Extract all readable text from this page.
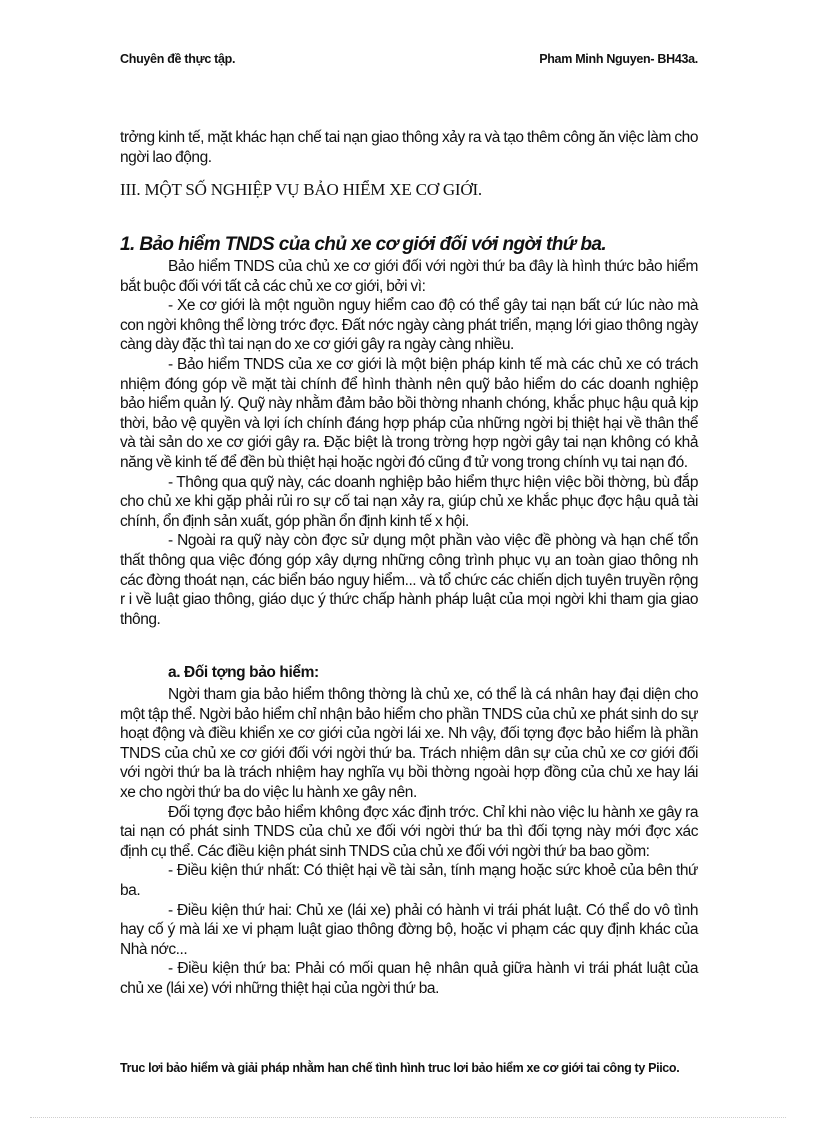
Chuyên đề thực tập.	Pham Minh Nguyen- BH43a.

trởng kinh tế, mặt khác hạn chế tai nạn giao thông xảy ra và tạo thêm công ăn việc làm cho ngời lao động.

III. MỘT SỐ NGHIỆP VỤ BẢO HIỂM XE CƠ GIỚI.
1. Bảo hiểm TNDS của chủ xe cơ giới đối với ngời thứ ba.

Bảo hiểm TNDS của chủ xe cơ giới đối với ngời thứ ba đây là hình thức bảo hiểm bắt buộc đối với tất cả các chủ xe cơ giới, bởi vì:

- Xe cơ giới là một nguồn nguy hiểm cao độ có thể gây tai nạn bất cứ lúc nào mà con ngời không thể lờng trớc đợc. Đất nớc ngày càng phát triển, mạng lới giao thông ngày càng dày đặc thì tai nạn do xe cơ giới gây ra ngày càng nhiều.

- Bảo hiểm TNDS của xe cơ giới là một biện pháp kinh tế mà các chủ xe có trách nhiệm đóng góp về mặt tài chính để hình thành nên quỹ bảo hiểm do các doanh nghiệp bảo hiểm quản lý. Quỹ này nhằm đảm bảo bồi thờng nhanh chóng, khắc phục hậu quả kịp thời, bảo vệ quyền và lợi ích chính đáng hợp pháp của những ngời bị thiệt hại về thân thể và tài sản do xe cơ giới gây ra. Đặc biệt là trong trờng hợp ngời gây tai nạn không có khả năng về kinh tế để đền bù thiệt hại hoặc ngời đó cũng đ tử vong trong chính vụ tai nạn đó.

- Thông qua quỹ này, các doanh nghiệp bảo hiểm thực hiện việc bồi thờng, bù đắp cho chủ xe khi gặp phải rủi ro sự cố tai nạn xảy ra, giúp chủ xe khắc phục đợc hậu quả tài chính, ổn định sản xuất, góp phần ổn định kinh tế x hội.

- Ngoài ra quỹ này còn đợc sử dụng một phần vào việc đề phòng và hạn chế tổn thất thông qua việc đóng góp xây dựng những công trình phục vụ an toàn giao thông nh các đờng thoát nạn, các biển báo nguy hiểm... và tổ chức các chiến dịch tuyên truyền rộng r i về luật giao thông, giáo dục ý thức chấp hành pháp luật của mọi ngời khi tham gia giao thông.

a. Đối tợng bảo hiểm:

Ngời tham gia bảo hiểm thông thờng là chủ xe, có thể là cá nhân hay đại diện cho một tập thể. Ngời bảo hiểm chỉ nhận bảo hiểm cho phần TNDS của chủ xe phát sinh do sự hoạt động và điều khiển xe cơ giới của ngời lái xe. Nh vậy, đối tợng đợc bảo hiểm là phần TNDS của chủ xe cơ giới đối với ngời thứ ba. Trách nhiệm dân sự của chủ xe cơ giới đối với ngời thứ ba là trách nhiệm hay nghĩa vụ bồi thờng ngoài hợp đồng của chủ xe hay lái xe cho ngời thứ ba do việc lu hành xe gây nên.

Đối tợng đợc bảo hiểm không đợc xác định trớc. Chỉ khi nào việc lu hành xe gây ra tai nạn có phát sinh TNDS của chủ xe đối với ngời thứ ba thì đối tợng này mới đợc xác định cụ thể. Các điều kiện phát sinh TNDS của chủ xe đối với ngời thứ ba bao gồm:

- Điều kiện thứ nhất: Có thiệt hại về tài sản, tính mạng hoặc sức khoẻ của bên thứ ba.

- Điều kiện thứ hai: Chủ xe (lái xe) phải có hành vi trái phát luật. Có thể do vô tình hay cố ý mà lái xe vi phạm luật giao thông đờng bộ, hoặc vi phạm các quy định khác của Nhà nớc...

- Điều kiện thứ ba: Phải có mối quan hệ nhân quả giữa hành vi trái phát luật của chủ xe (lái xe) với những thiệt hại của ngời thứ ba.

Truc lơi bảo hiểm và giải pháp nhằm han chế tình hình truc lơi bảo hiểm xe cơ giới tai công ty Piico.
